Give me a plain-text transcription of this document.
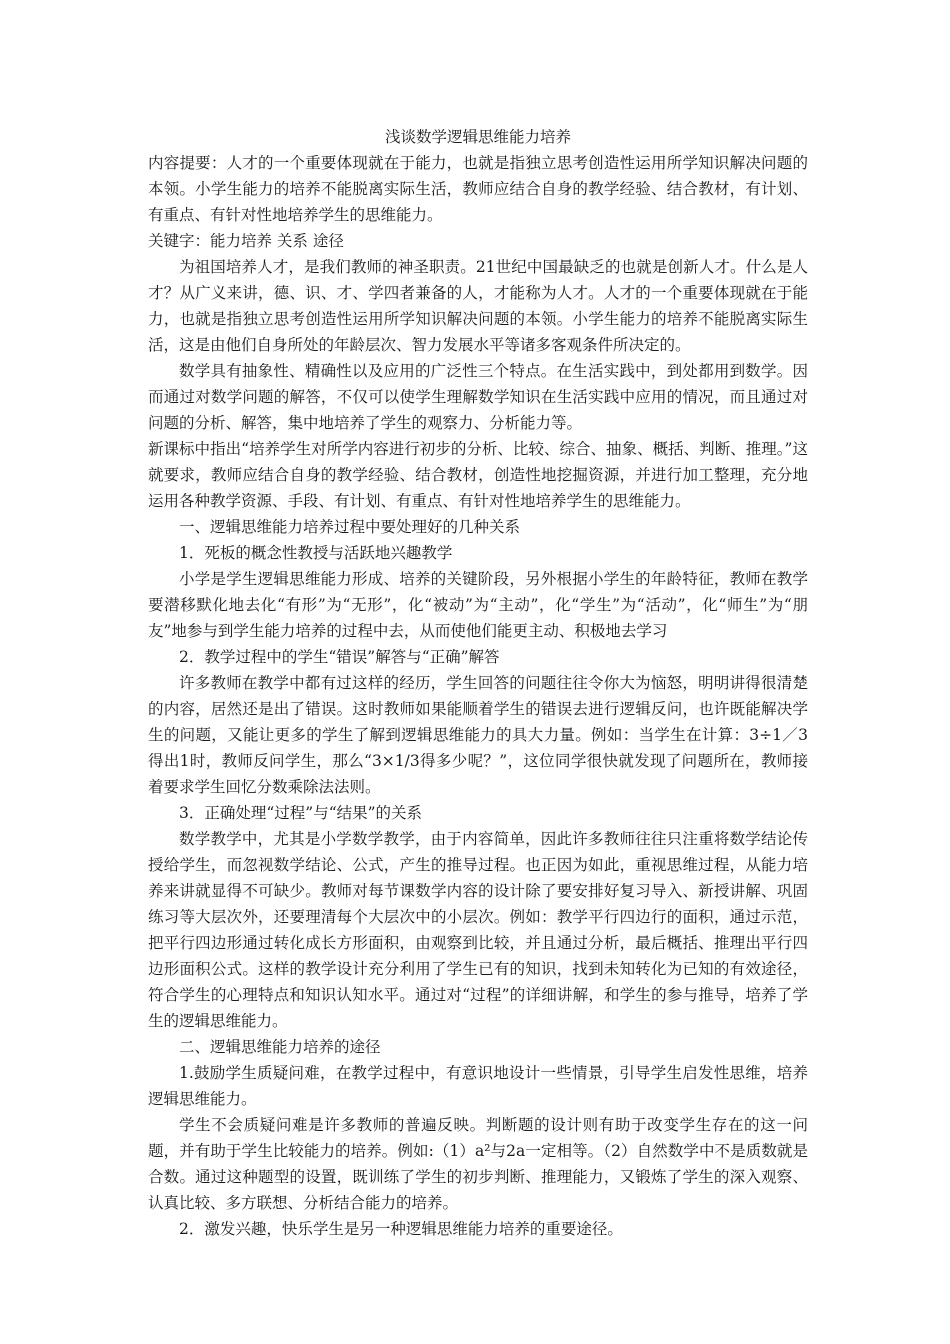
浅谈数学逻辑思维能力培养

内容提要：人才的一个重要体现就在于能力，也就是指独立思考创造性运用所学知识解决问题的本领。小学生能力的培养不能脱离实际生活，教师应结合自身的教学经验、结合教材，有计划、有重点、有针对性地培养学生的思维能力。

关键字：能力培养 关系 途径

为祖国培养人才，是我们教师的神圣职责。21世纪中国最缺乏的也就是创新人才。什么是人才？从广义来讲，德、识、才、学四者兼备的人，才能称为人才。人才的一个重要体现就在于能力，也就是指独立思考创造性运用所学知识解决问题的本领。小学生能力的培养不能脱离实际生活，这是由他们自身所处的年龄层次、智力发展水平等诸多客观条件所决定的。

数学具有抽象性、精确性以及应用的广泛性三个特点。在生活实践中，到处都用到数学。因而通过对数学问题的解答，不仅可以使学生理解数学知识在生活实践中应用的情况，而且通过对问题的分析、解答，集中地培养了学生的观察力、分析能力等。

新课标中指出“培养学生对所学内容进行初步的分析、比较、综合、抽象、概括、判断、推理。”这就要求，教师应结合自身的教学经验、结合教材，创造性地挖掘资源，并进行加工整理，充分地运用各种教学资源、手段、有计划、有重点、有针对性地培养学生的思维能力。

一、逻辑思维能力培养过程中要处理好的几种关系

1．死板的概念性教授与活跃地兴趣教学

小学是学生逻辑思维能力形成、培养的关键阶段，另外根据小学生的年龄特征，教师在教学要潜移默化地去化“有形”为“无形”，化“被动”为“主动”，化“学生”为“活动”，化“师生”为“朋友”地参与到学生能力培养的过程中去，从而使他们能更主动、积极地去学习

2．教学过程中的学生“错误”解答与“正确”解答

许多教师在教学中都有过这样的经历，学生回答的问题往往令你大为恼怒，明明讲得很清楚的内容，居然还是出了错误。这时教师如果能顺着学生的错误去进行逻辑反问，也许既能解决学生的问题，又能让更多的学生了解到逻辑思维能力的具大力量。例如：当学生在计算：3÷1／3得出1时，教师反问学生，那么“3×1/3得多少呢？”，这位同学很快就发现了问题所在，教师接着要求学生回忆分数乘除法法则。

3．正确处理“过程”与“结果”的关系

数学教学中，尤其是小学数学教学，由于内容简单，因此许多教师往往只注重将数学结论传授给学生，而忽视数学结论、公式，产生的推导过程。也正因为如此，重视思维过程，从能力培养来讲就显得不可缺少。教师对每节课数学内容的设计除了要安排好复习导入、新授讲解、巩固练习等大层次外，还要理清每个大层次中的小层次。例如：教学平行四边行的面积，通过示范，把平行四边形通过转化成长方形面积，由观察到比较，并且通过分析，最后概括、推理出平行四边形面积公式。这样的教学设计充分利用了学生已有的知识，找到未知转化为已知的有效途径，符合学生的心理特点和知识认知水平。通过对“过程”的详细讲解，和学生的参与推导，培养了学生的逻辑思维能力。

二、逻辑思维能力培养的途径

1.鼓励学生质疑问难，在教学过程中，有意识地设计一些情景，引导学生启发性思维，培养逻辑思维能力。

学生不会质疑问难是许多教师的普遍反映。判断题的设计则有助于改变学生存在的这一问题，并有助于学生比较能力的培养。例如:（1）a²与2a一定相等。（2）自然数学中不是质数就是合数。通过这种题型的设置，既训练了学生的初步判断、推理能力，又锻炼了学生的深入观察、认真比较、多方联想、分析结合能力的培养。

2．激发兴趣，快乐学生是另一种逻辑思维能力培养的重要途径。
